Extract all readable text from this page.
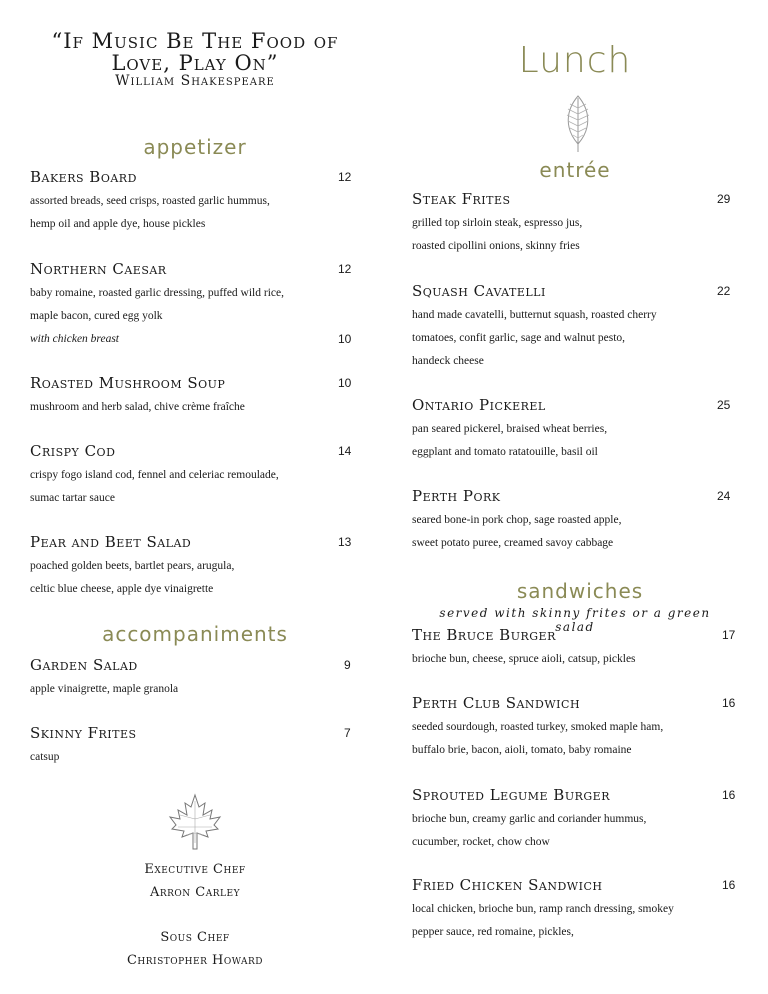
“If Music Be The Food of
Love, Play On”
William Shakespeare	Lunch
appetizer
Bakers Board	12
assorted breads, seed crisps, roasted garlic hummus,
hemp oil and apple dye, house pickles
Northern Caesar	12
baby romaine, roasted garlic dressing, puffed wild rice,
maple bacon, cured egg yolk
with chicken breast	10
Roasted Mushroom Soup	10
mushroom and herb salad, chive crème fraîche
Crispy Cod	14
crispy fogo island cod, fennel and celeriac remoulade,
sumac tartar sauce
Pear and Beet Salad	13
poached golden beets, bartlet pears, arugula,
celtic blue cheese, apple dye vinaigrette
accompaniments
Garden Salad	9
apple vinaigrette, maple granola
Skinny Frites	7
catsup
Executive Chef
Arron Carley
Sous Chef
Christopher Howard
entrée
Steak Frites	29
grilled top sirloin steak, espresso jus,
roasted cipollini onions, skinny fries
Squash Cavatelli	22
hand made cavatelli, butternut squash, roasted cherry
tomatoes, confit garlic, sage and walnut pesto,
handeck cheese
Ontario Pickerel	25
pan seared pickerel, braised wheat berries,
eggplant and tomato ratatouille, basil oil
Perth Pork	24
seared bone-in pork chop, sage roasted apple,
sweet potato puree, creamed savoy cabbage
sandwiches
served with skinny frites or a green salad
The Bruce Burger	17
brioche bun, cheese, spruce aioli, catsup, pickles
Perth Club Sandwich	16
seeded sourdough, roasted turkey, smoked maple ham,
buffalo brie, bacon, aioli, tomato, baby romaine
Sprouted Legume Burger	16
brioche bun, creamy garlic and coriander hummus,
cucumber, rocket, chow chow
Fried Chicken Sandwich	16
local chicken, brioche bun, ramp ranch dressing, smokey
pepper sauce, red romaine, pickles,
